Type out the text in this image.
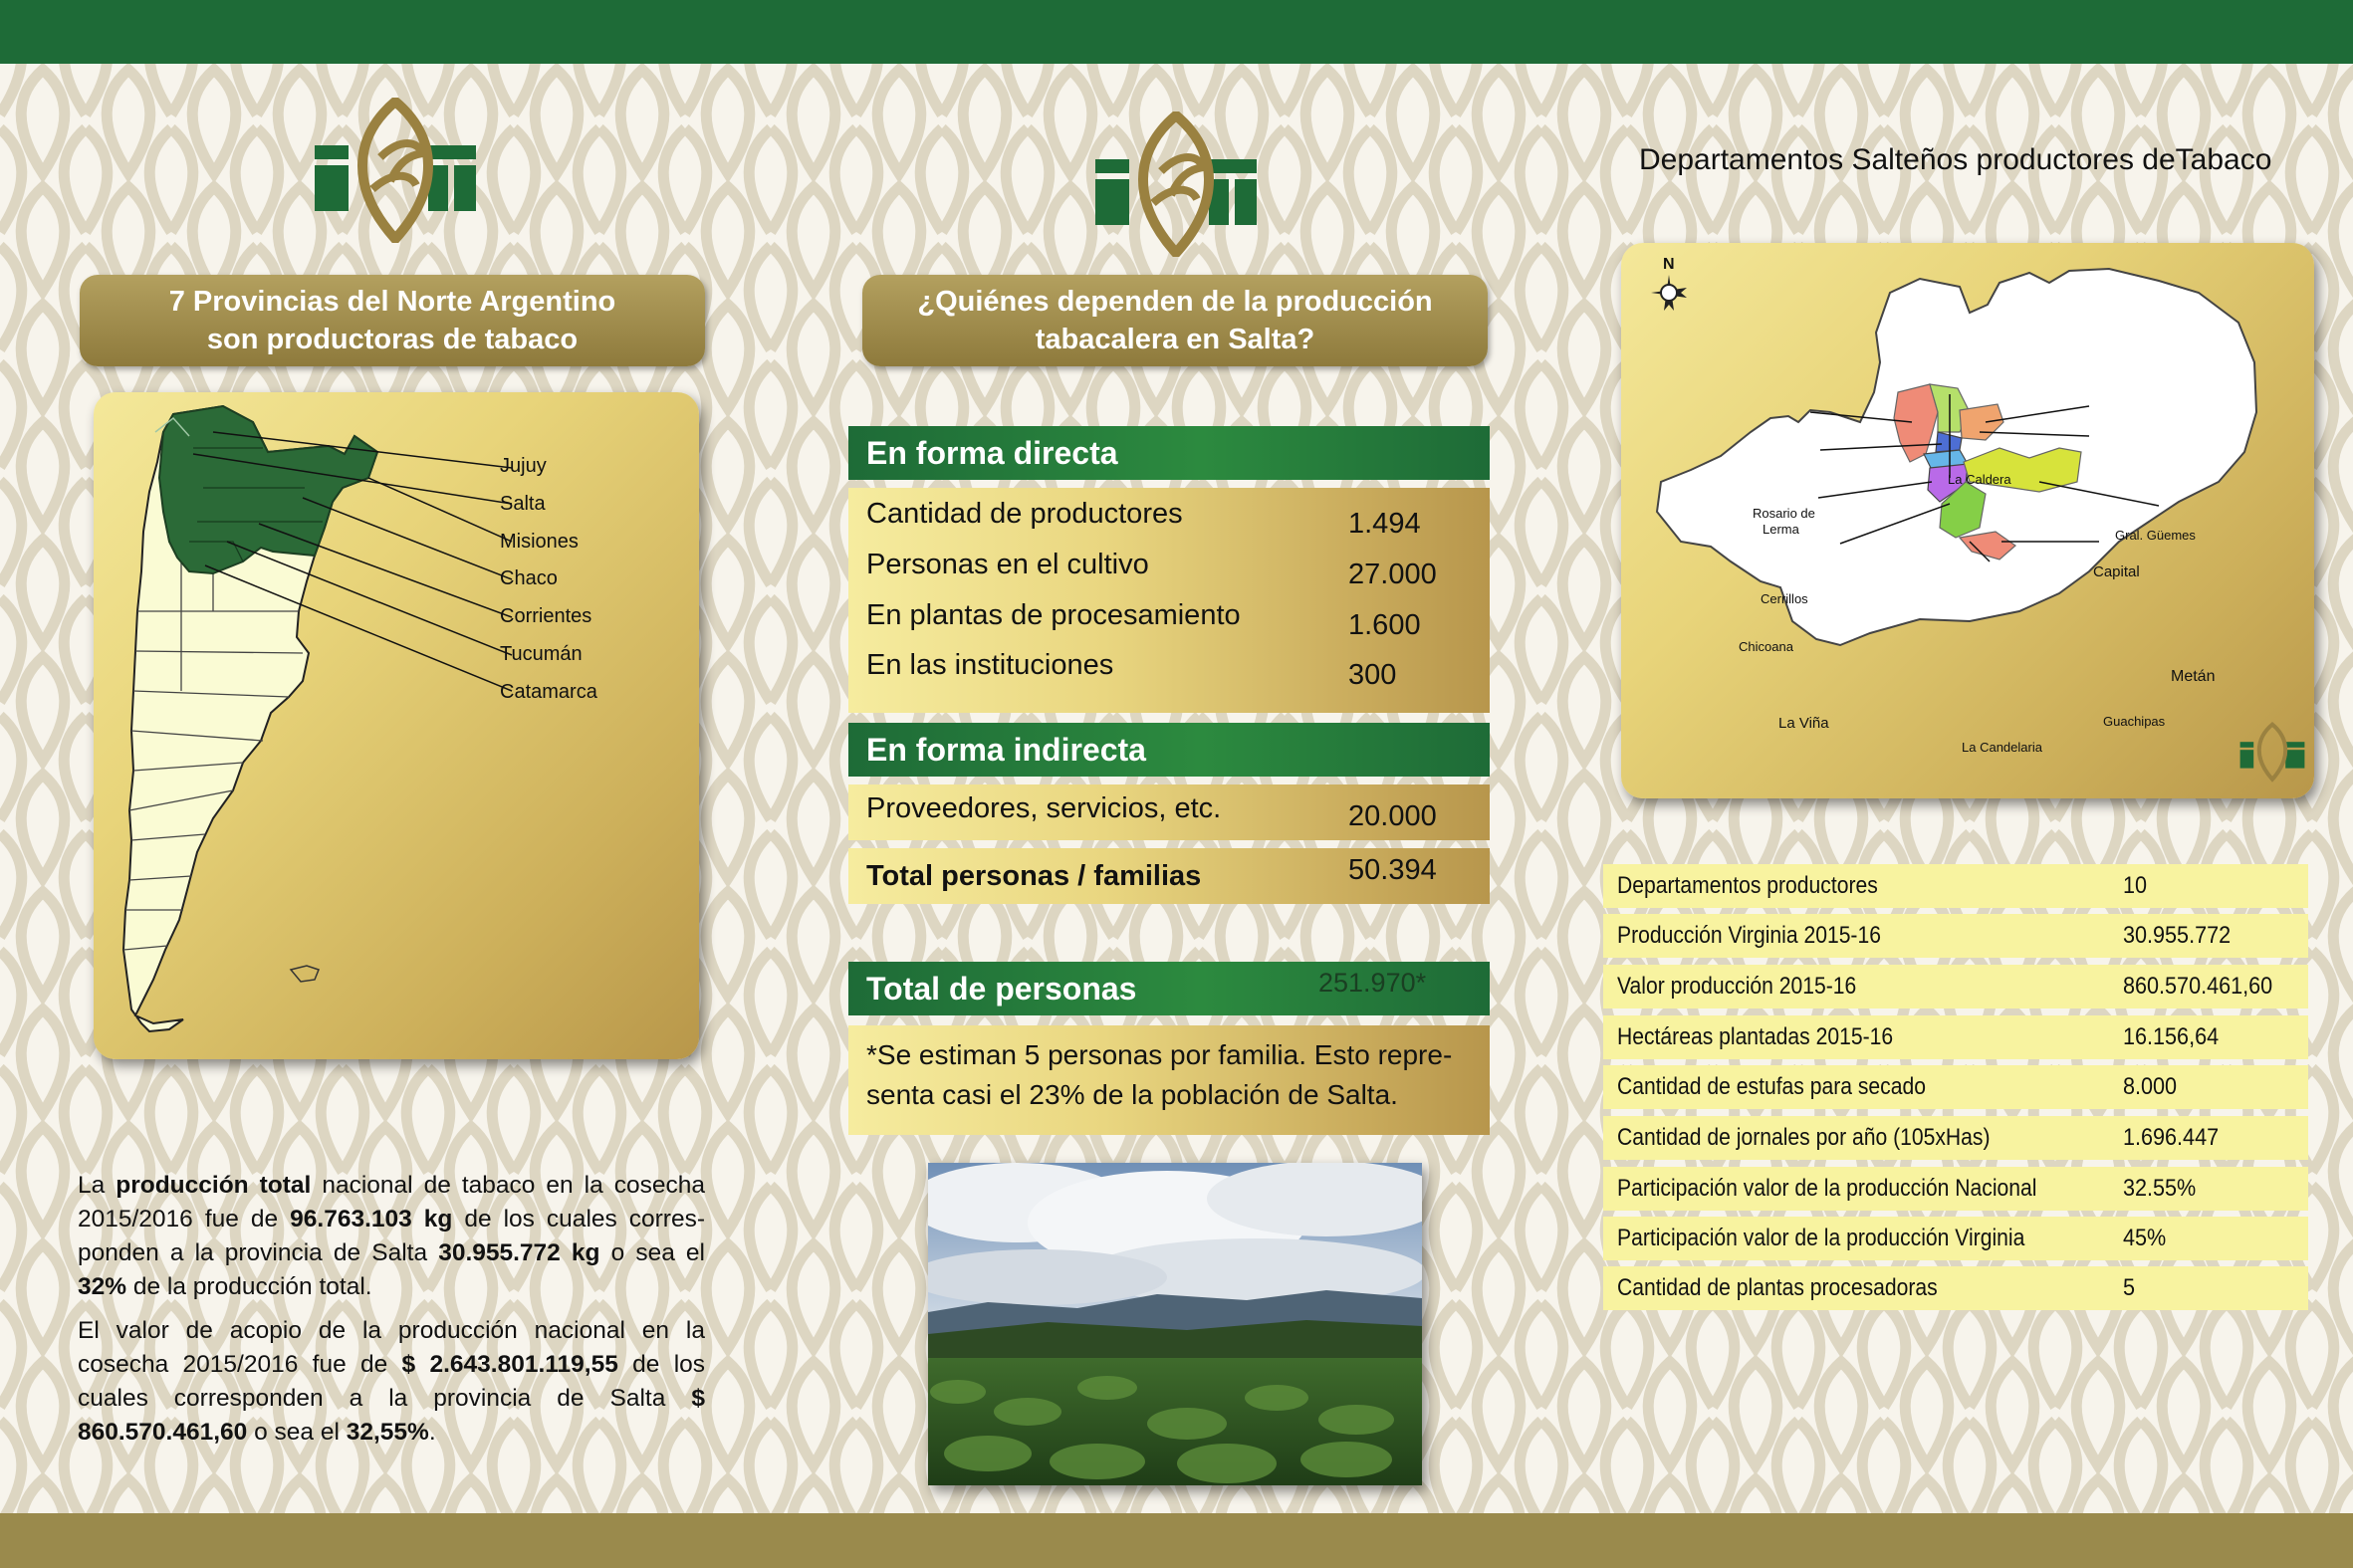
7 Provincias del Norte Argentino
son productoras de tabaco
Jujuy
Salta
Misiones
Chaco
Corrientes
Tucumán
Catamarca
La producción total nacional de tabaco en la cosecha 2015/2016 fue de 96.763.103 kg de los cuales corres-ponden a la provincia de Salta 30.955.772 kg o sea el 32% de la producción total.
El valor de acopio de la producción nacional en la cosecha 2015/2016 fue de $ 2.643.801.119,55 de los cuales corresponden a la provincia de Salta $ 860.570.461,60 o sea el 32,55%.
¿Quiénes dependen de la producción
tabacalera en Salta?
En forma directa
Cantidad de productores	1.494
Personas en el cultivo	27.000
En plantas de procesamiento	1.600
En las instituciones	300
En forma indirecta
Proveedores, servicios, etc.	20.000
Total personas / familias	50.394
Total de personas	251.970*
*Se estiman 5 personas por familia. Esto repre-
senta casi el 23% de la población de Salta.
Departamentos Salteños productores deTabaco
N
La Caldera
Rosario de
Lerma	Gral. Güemes
Capital
Cerrillos
Chicoana
Metán
La Viña	Guachipas
La Candelaria
Departamentos productores	10
Producción Virginia 2015-16	30.955.772
Valor producción 2015-16	860.570.461,60
Hectáreas plantadas 2015-16	16.156,64
Cantidad de estufas para secado	8.000
Cantidad de jornales por año (105xHas)	1.696.447
Participación valor de la producción Nacional	32.55%
Participación valor de la producción Virginia	45%
Cantidad de plantas procesadoras	5
